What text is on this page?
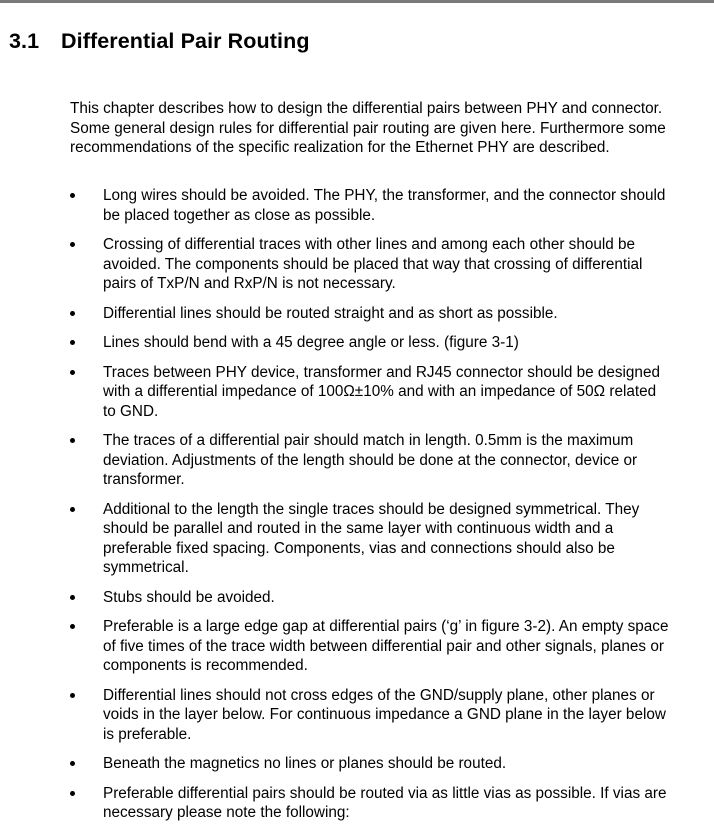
3.1 Differential Pair Routing
This chapter describes how to design the differential pairs between PHY and connector. Some general design rules for differential pair routing are given here. Furthermore some recommendations of the specific realization for the Ethernet PHY are described.
Long wires should be avoided. The PHY, the transformer, and the connector should be placed together as close as possible.
Crossing of differential traces with other lines and among each other should be avoided. The components should be placed that way that crossing of differential pairs of TxP/N and RxP/N is not necessary.
Differential lines should be routed straight and as short as possible.
Lines should bend with a 45 degree angle or less. (figure 3-1)
Traces between PHY device, transformer and RJ45 connector should be designed with a differential impedance of 100Ω±10% and with an impedance of 50Ω related to GND.
The traces of a differential pair should match in length. 0.5mm is the maximum deviation. Adjustments of the length should be done at the connector, device or transformer.
Additional to the length the single traces should be designed symmetrical. They should be parallel and routed in the same layer with continuous width and a preferable fixed spacing. Components, vias and connections should also be symmetrical.
Stubs should be avoided.
Preferable is a large edge gap at differential pairs (‘g’ in figure 3-2). An empty space of five times of the trace width between differential pair and other signals, planes or components is recommended.
Differential lines should not cross edges of the GND/supply plane, other planes or voids in the layer below. For continuous impedance a GND plane in the layer below is preferable.
Beneath the magnetics no lines or planes should be routed.
Preferable differential pairs should be routed via as little vias as possible. If vias are necessary please note the following:
